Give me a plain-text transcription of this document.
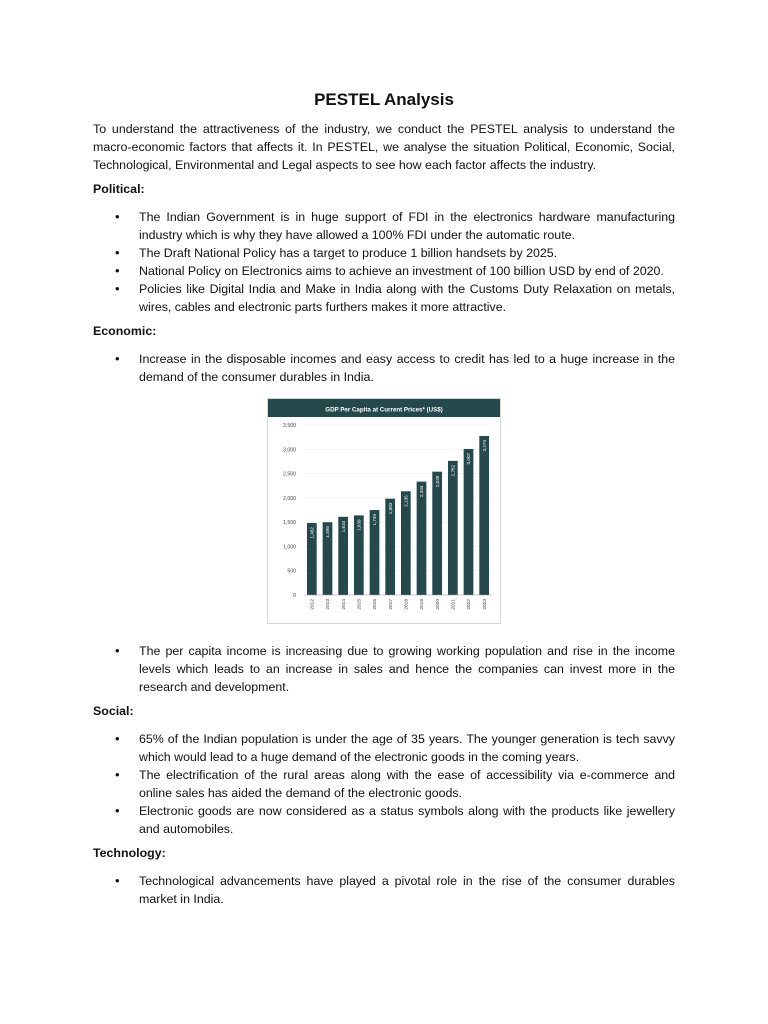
PESTEL Analysis

To understand the attractiveness of the industry, we conduct the PESTEL analysis to understand the macro-economic factors that affects it. In PESTEL, we analyse the situation Political, Economic, Social, Technological, Environmental and Legal aspects to see how each factor affects the industry.

Political:
• The Indian Government is in huge support of FDI in the electronics hardware manufacturing industry which is why they have allowed a 100% FDI under the automatic route.
• The Draft National Policy has a target to produce 1 billion handsets by 2025.
• National Policy on Electronics aims to achieve an investment of 100 billion USD by end of 2020.
• Policies like Digital India and Make in India along with the Customs Duty Relaxation on metals, wires, cables and electronic parts furthers makes it more attractive.
Economic:
• Increase in the disposable incomes and easy access to credit has led to a huge increase in the demand of the consumer durables in India.
GDP Per Capita at Current Prices* (US$)
0
500
1,000
1,500
2,000
2,500
3,000
3,500
1,482
2012
1,498
2013
1,610
2014
1,639
2015
1,749
2016
1,983
2017
2,135
2018
2,334
2019
2,539
2020
2,762
2021
3,007
2022
3,274
2023
• The per capita income is increasing due to growing working population and rise in the income levels which leads to an increase in sales and hence the companies can invest more in the research and development.
Social:
• 65% of the Indian population is under the age of 35 years. The younger generation is tech savvy which would lead to a huge demand of the electronic goods in the coming years.
• The electrification of the rural areas along with the ease of accessibility via e-commerce and online sales has aided the demand of the electronic goods.
• Electronic goods are now considered as a status symbols along with the products like jewellery and automobiles.
Technology:
• Technological advancements have played a pivotal role in the rise of the consumer durables market in India.
